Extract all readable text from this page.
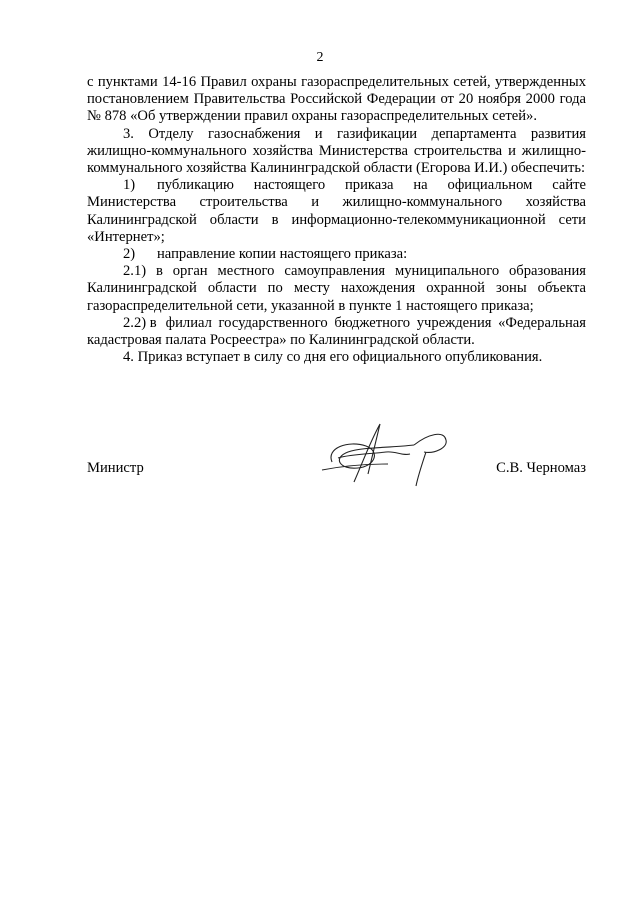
2

с пунктами 14-16 Правил охраны газораспределительных сетей, утвержденных постановлением Правительства Российской Федерации от 20 ноября 2000 года № 878 «Об утверждении правил охраны газораспределительных сетей».

3. Отделу газоснабжения и газификации департамента развития жилищно-коммунального хозяйства Министерства строительства и жилищно-коммунального хозяйства Калининградской области (Егорова И.И.) обеспечить:

1) публикацию настоящего приказа на официальном сайте Министерства строительства и жилищно-коммунального хозяйства Калининградской области в информационно-телекоммуникационной сети «Интернет»;

2) направление копии настоящего приказа:

2.1) в орган местного самоуправления муниципального образования Калининградской области по месту нахождения охранной зоны объекта газораспределительной сети, указанной в пункте 1 настоящего приказа;

2.2) в филиал государственного бюджетного учреждения «Федеральная кадастровая палата Росреестра» по Калининградской области.

4. Приказ вступает в силу со дня его официального опубликования.

Министр	С.В. Черномаз
